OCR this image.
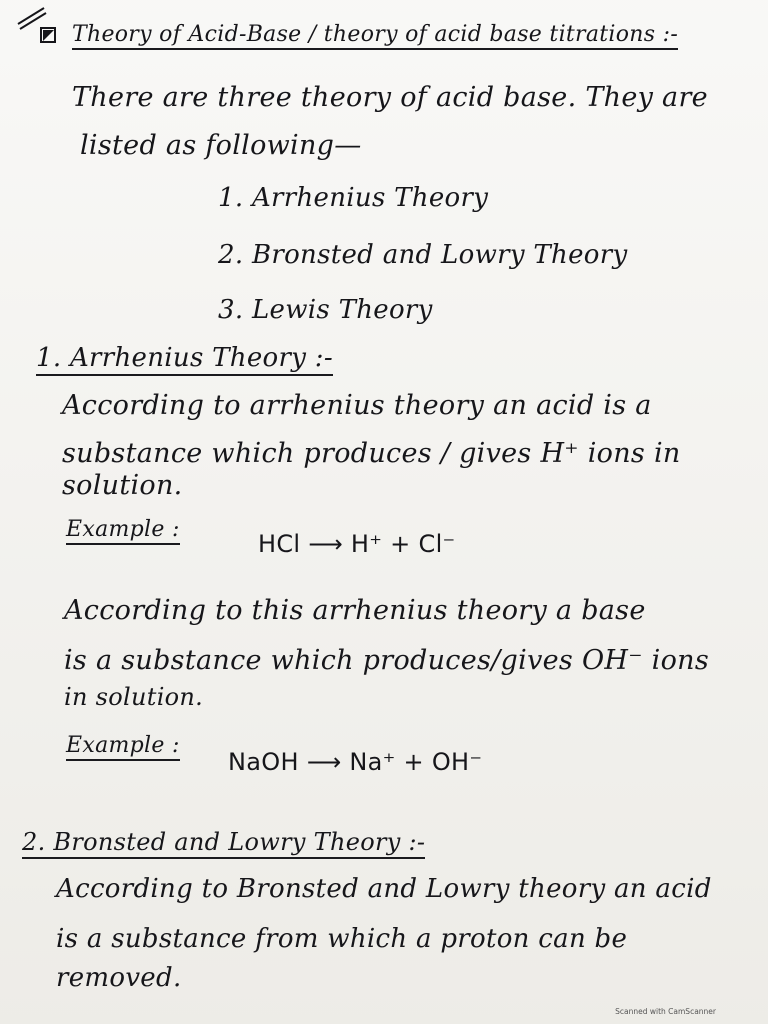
Theory of Acid-Base / theory of acid base titrations :-
There are three theory of acid base. They are
listed as following—
1. Arrhenius Theory
2. Bronsted and Lowry Theory
3. Lewis Theory
1. Arrhenius Theory :-
According to arrhenius theory an acid is a
substance which produces / gives H⁺ ions in
solution.
Example :
HCl ⟶ H⁺ + Cl⁻
According to this arrhenius theory a base
is a substance which produces/gives OH⁻ ions
in solution.
Example :
NaOH ⟶ Na⁺ + OH⁻
2. Bronsted and Lowry Theory :-
According to Bronsted and Lowry theory an acid
is a substance from which a proton can be
removed.
Scanned with CamScanner
